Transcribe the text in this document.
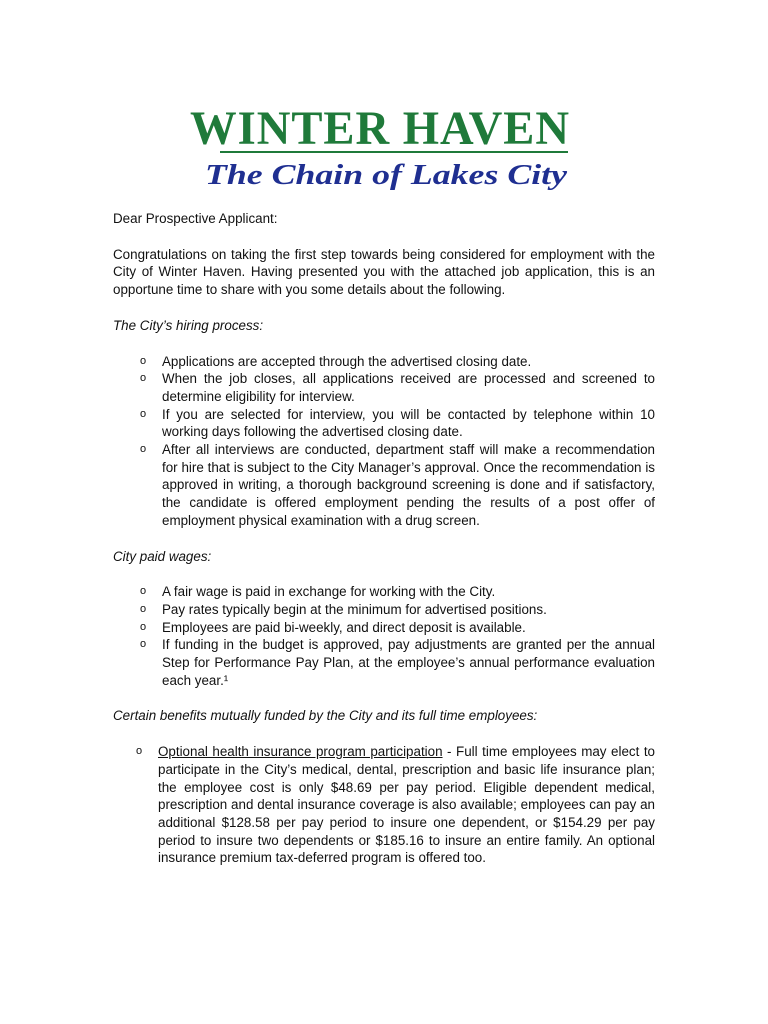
WINTER HAVEN
The Chain of Lakes City

Dear Prospective Applicant:

Congratulations on taking the first step towards being considered for employment with the City of Winter Haven. Having presented you with the attached job application, this is an opportune time to share with you some details about the following.

The City’s hiring process:

o Applications are accepted through the advertised closing date.
o When the job closes, all applications received are processed and screened to determine eligibility for interview.
o If you are selected for interview, you will be contacted by telephone within 10 working days following the advertised closing date.
o After all interviews are conducted, department staff will make a recommendation for hire that is subject to the City Manager’s approval. Once the recommendation is approved in writing, a thorough background screening is done and if satisfactory, the candidate is offered employment pending the results of a post offer of employment physical examination with a drug screen.

City paid wages:

o A fair wage is paid in exchange for working with the City.
o Pay rates typically begin at the minimum for advertised positions.
o Employees are paid bi-weekly, and direct deposit is available.
o If funding in the budget is approved, pay adjustments are granted per the annual Step for Performance Pay Plan, at the employee’s annual performance evaluation each year.¹

Certain benefits mutually funded by the City and its full time employees:

o Optional health insurance program participation - Full time employees may elect to participate in the City’s medical, dental, prescription and basic life insurance plan; the employee cost is only $48.69 per pay period. Eligible dependent medical, prescription and dental insurance coverage is also available; employees can pay an additional $128.58 per pay period to insure one dependent, or $154.29 per pay period to insure two dependents or $185.16 to insure an entire family. An optional insurance premium tax-deferred program is offered too.
